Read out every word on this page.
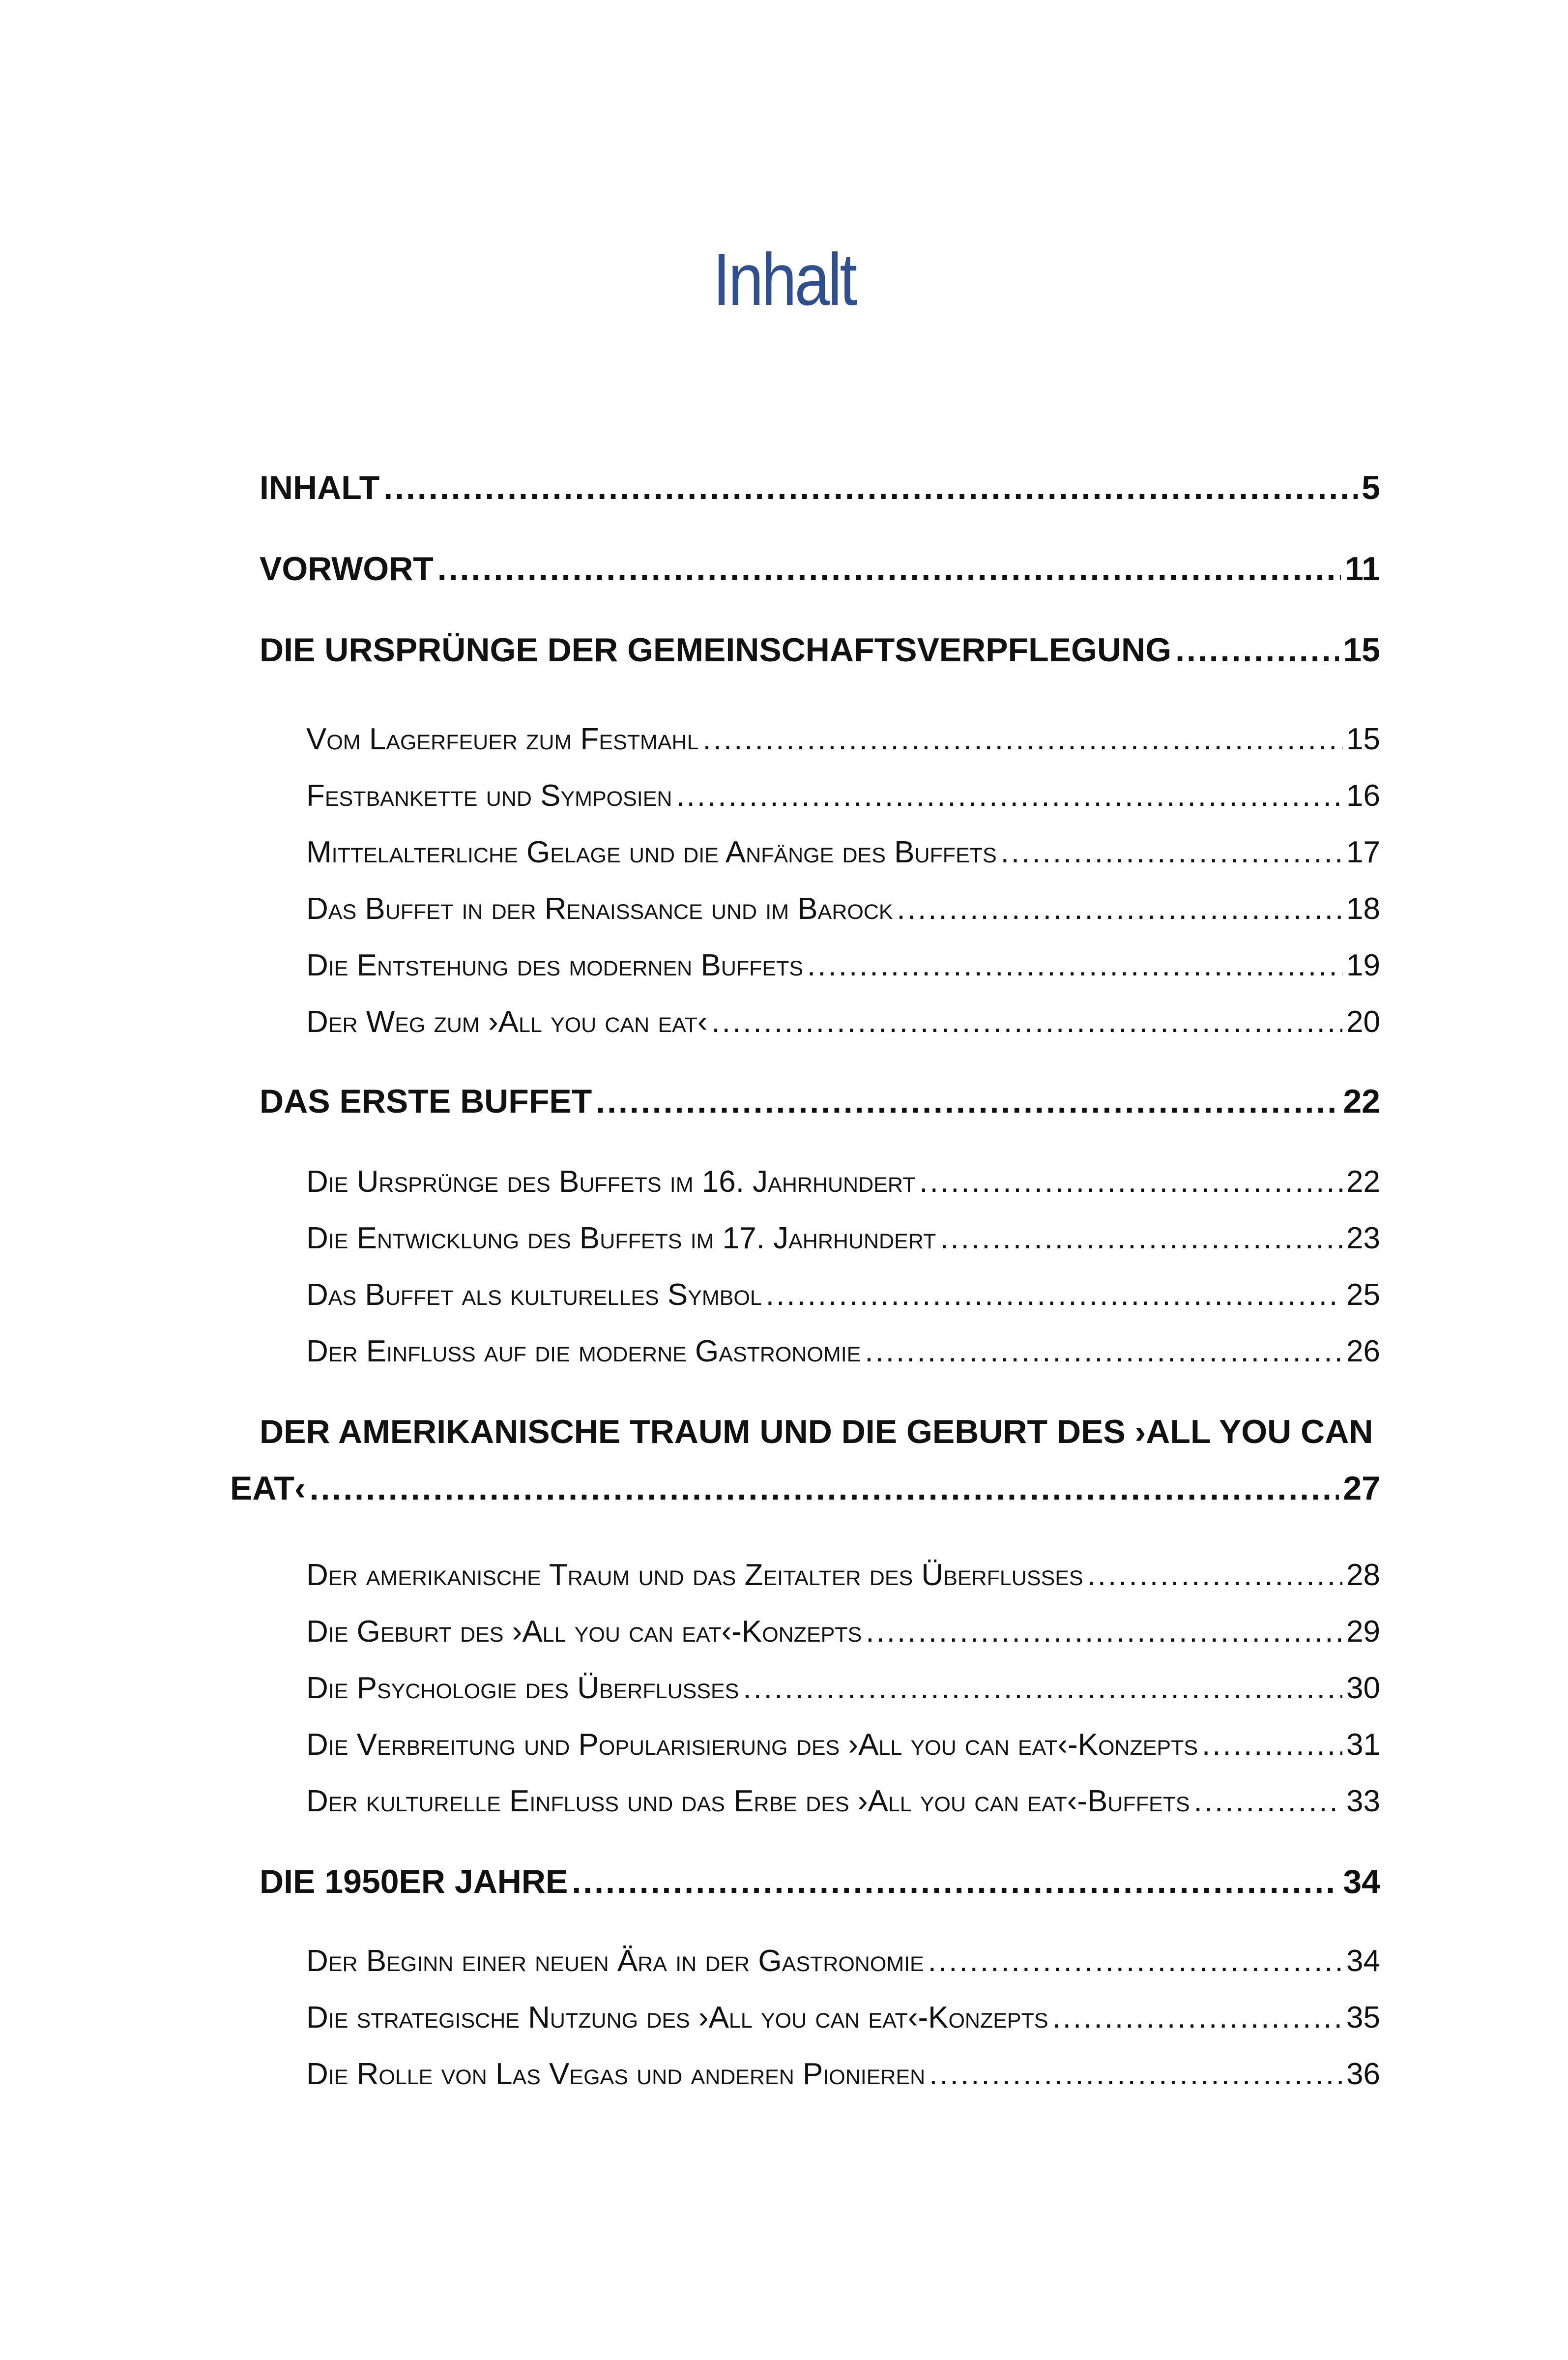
Inhalt
INHALT .....	5
VORWORT .....	11
DIE URSPRÜNGE DER GEMEINSCHAFTSVERPFLEGUNG .....	15
Vom Lagerfeuer zum Festmahl .....	15
Festbankette und Symposien .....	16
Mittelalterliche Gelage und die Anfänge des Buffets .....	17
Das Buffet in der Renaissance und im Barock .....	18
Die Entstehung des modernen Buffets .....	19
Der Weg zum ›All you can eat‹ .....	20
DAS ERSTE BUFFET .....	22
Die Ursprünge des Buffets im 16. Jahrhundert .....	22
Die Entwicklung des Buffets im 17. Jahrhundert .....	23
Das Buffet als kulturelles Symbol .....	25
Der Einfluss auf die moderne Gastronomie .....	26
DER AMERIKANISCHE TRAUM UND DIE GEBURT DES ›ALL YOU CAN
EAT‹ .....	27
Der amerikanische Traum und das Zeitalter des Überflusses .....	28
Die Geburt des ›All you can eat‹-Konzepts .....	29
Die Psychologie des Überflusses .....	30
Die Verbreitung und Popularisierung des ›All you can eat‹-Konzepts .....	31
Der kulturelle Einfluss und das Erbe des ›All you can eat‹-Buffets .....	33
DIE 1950ER JAHRE .....	34
Der Beginn einer neuen Ära in der Gastronomie .....	34
Die strategische Nutzung des ›All you can eat‹-Konzepts .....	35
Die Rolle von Las Vegas und anderen Pionieren .....	36
